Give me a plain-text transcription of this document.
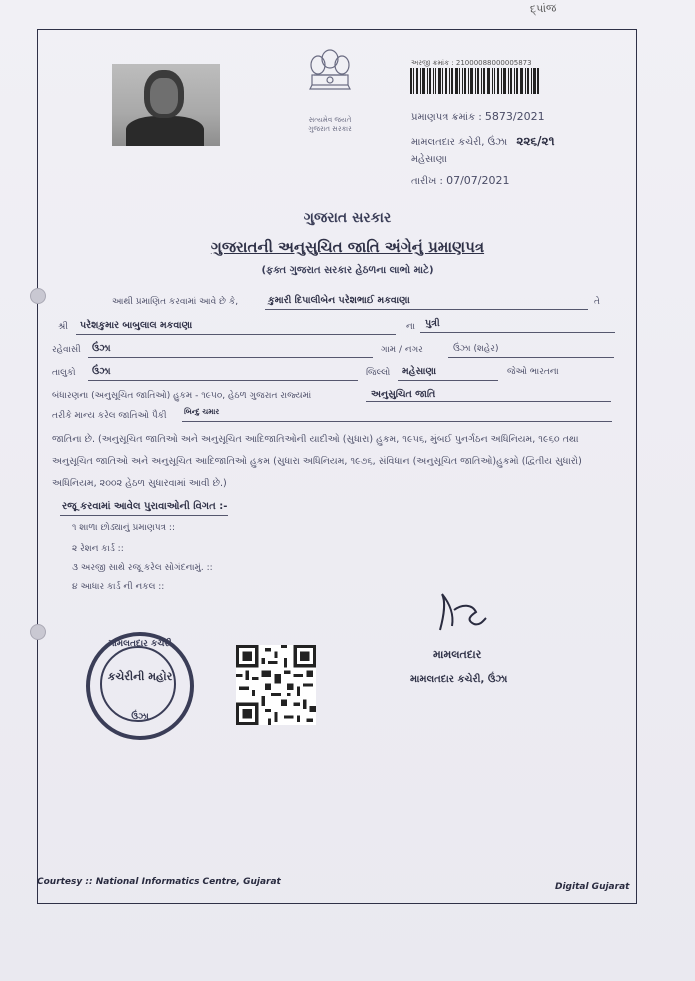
દ્પાંજ
સત્યમેવ જયતે
ગુજરાત સરકાર
અરજી ક્રમાંક : 21000088000005873
પ્રમાણપત્ર ક્રમાંક : 5873/2021
મામલતદાર કચેરી, ઉંઝા ૨૨૬/૨૧
મહેસાણા
તારીખ : 07/07/2021
ગુજરાત સરકાર
ગુજરાતની અનુસુચિત જાતિ અંગેનું પ્રમાણપત્ર
(ફક્ત ગુજરાત સરકાર હેઠળના લાભો માટે)
આથી પ્રમાણિત કરવામાં આવે છે કે,	કુમારી દિપાલીબેન પરેશભાઈ મકવાણા	તે
શ્રી પરેશકુમાર બાબુલાલ મકવાણા	ના પુત્રી
રહેવાસી ઉંઝા	ગામ / નગર	ઉંઝા (શહેર)
તાલુકો ઉંઝા	જિલ્લો મહેસાણા	જેઓ ભારતના
બંધારણના (અનુસૂચિત જાતિઓ) હુકમ - ૧૯૫૦, હેઠળ ગુજરાત રાજ્યમાં	અનુસુચિત જાતિ
તરીકે માન્ય કરેલ જાતિઓ પૈકી બિન્દુ ચમાર
જાતિના છે. (અનુસૂચિત જાતિઓ અને અનુસૂચિત આદિજાતિઓની યાદીઓ (સુધારા) હુકમ, ૧૯૫૬, મુંબઈ પુનર્ગઠન અધિનિયમ, ૧૯૬૦ તથા
અનુસૂચિત જાતિઓ અને અનુસૂચિત આદિજાતિઓ હુકમ (સુધારા અધિનિયમ, ૧૯૭૬, સંવિધાન (અનુસૂચિત જાતિઓ)હુકમો (દ્વિતીય સુધારો)
અધિનિયમ, ૨૦૦૨ હેઠળ સુધારવામાં આવી છે.)
રજૂ કરવામાં આવેલ પુરાવાઓની વિગત :-
૧ શાળા છોડ્યાનું પ્રમાણપત્ર ::
૨ રેશન કાર્ડ ::
૩ અરજી સાથે રજૂ કરેલ સોગંદનામું. ::
૪ આધાર કાર્ડ ની નકલ ::
મામલતદાર
મામલતદાર કચેરી, ઉંઝા
મામલતદાર કચેરી
કચેરીની મહોર
ઉંઝા
Courtesy :: National Informatics Centre, Gujarat	Digital Gujarat
